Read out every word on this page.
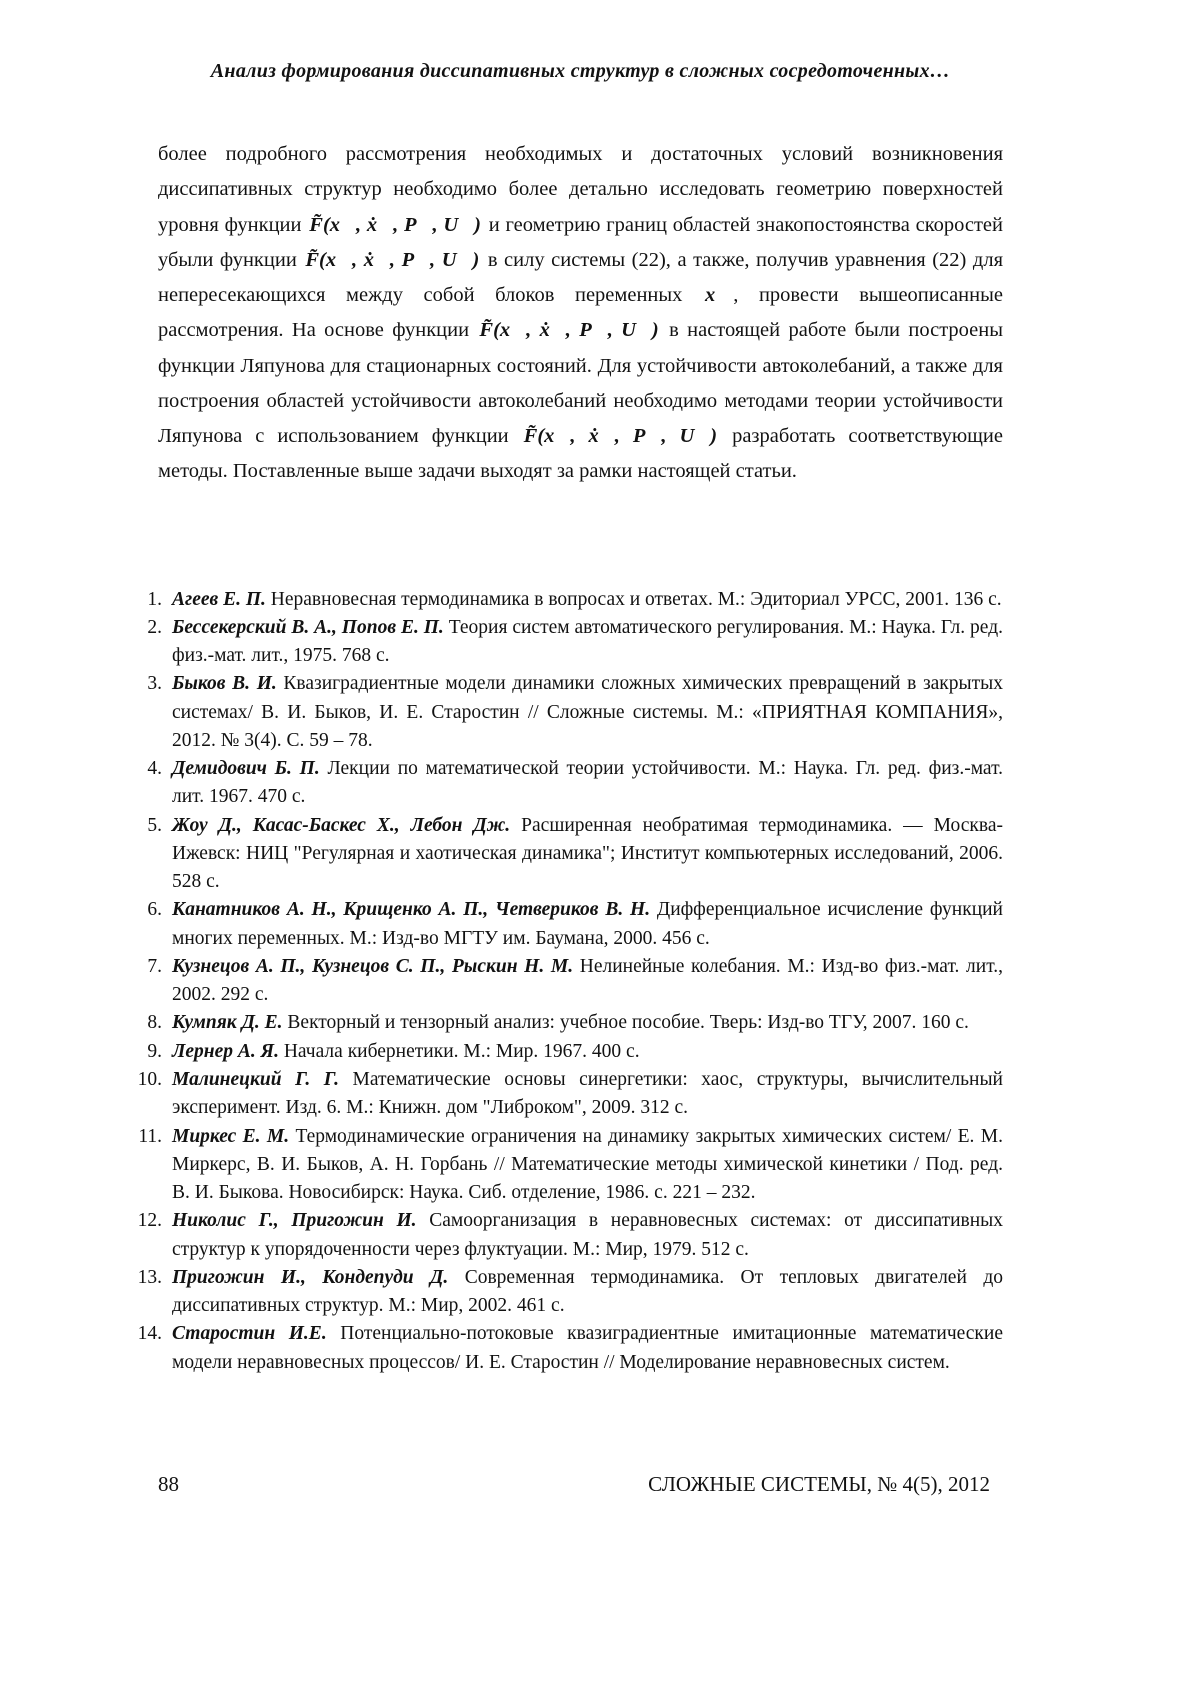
Анализ формирования диссипативных структур в сложных сосредоточенных…
более подробного рассмотрения необходимых и достаточных условий возникновения диссипативных структур необходимо более детально исследовать геометрию поверхностей уровня функции F̃(x⃗, ẋ⃗, P⃗, U⃗) и геометрию границ областей знакопостоянства скоростей убыли функции F̃(x⃗, ẋ⃗, P⃗, U⃗) в силу системы (22), а также, получив уравнения (22) для непересекающихся между собой блоков переменных x⃗, провести вышеописанные рассмотрения. На основе функции F̃(x⃗, ẋ⃗, P⃗, U⃗) в настоящей работе были построены функции Ляпунова для стационарных состояний. Для устойчивости автоколебаний, а также для построения областей устойчивости автоколебаний необходимо методами теории устойчивости Ляпунова с использованием функции F̃(x⃗, ẋ⃗, P⃗, U⃗) разработать соответствующие методы. Поставленные выше задачи выходят за рамки настоящей статьи.
1. Агеев Е. П. Неравновесная термодинамика в вопросах и ответах. М.: Эдиториал УРСС, 2001. 136 с.
2. Бессекерский В. А., Попов Е. П. Теория систем автоматического регулирования. М.: Наука. Гл. ред. физ.-мат. лит., 1975. 768 с.
3. Быков В. И. Квазиградиентные модели динамики сложных химических превращений в закрытых системах/ В. И. Быков, И. Е. Старостин // Сложные системы. М.: «ПРИЯТНАЯ КОМПАНИЯ», 2012. № 3(4). С. 59 – 78.
4. Демидович Б. П. Лекции по математической теории устойчивости. М.: Наука. Гл. ред. физ.-мат. лит. 1967. 470 с.
5. Жоу Д., Касас-Баскес Х., Лебон Дж. Расширенная необратимая термодинамика. — Москва-Ижевск: НИЦ "Регулярная и хаотическая динамика"; Институт компьютерных исследований, 2006. 528 с.
6. Канатников А. Н., Крищенко А. П., Четвериков В. Н. Дифференциальное исчисление функций многих переменных. М.: Изд-во МГТУ им. Баумана, 2000. 456 с.
7. Кузнецов А. П., Кузнецов С. П., Рыскин Н. М. Нелинейные колебания. М.: Изд-во физ.-мат. лит., 2002. 292 с.
8. Кумпяк Д. Е. Векторный и тензорный анализ: учебное пособие. Тверь: Изд-во ТГУ, 2007. 160 с.
9. Лернер А. Я. Начала кибернетики. М.: Мир. 1967. 400 с.
10. Малинецкий Г. Г. Математические основы синергетики: хаос, структуры, вычислительный эксперимент. Изд. 6. М.: Книжн. дом "Либроком", 2009. 312 с.
11. Миркес Е. М. Термодинамические ограничения на динамику закрытых химических систем/ Е. М. Миркерс, В. И. Быков, А. Н. Горбань // Математические методы химической кинетики / Под. ред. В. И. Быкова. Новосибирск: Наука. Сиб. отделение, 1986. с. 221 – 232.
12. Николис Г., Пригожин И. Самоорганизация в неравновесных системах: от диссипативных структур к упорядоченности через флуктуации. М.: Мир, 1979. 512 с.
13. Пригожин И., Кондепуди Д. Современная термодинамика. От тепловых двигателей до диссипативных структур. М.: Мир, 2002. 461 с.
14. Старостин И.Е. Потенциально-потоковые квазиградиентные имитационные математические модели неравновесных процессов/ И. Е. Старостин // Моделирование неравновесных систем.
88	СЛОЖНЫЕ СИСТЕМЫ, № 4(5), 2012
